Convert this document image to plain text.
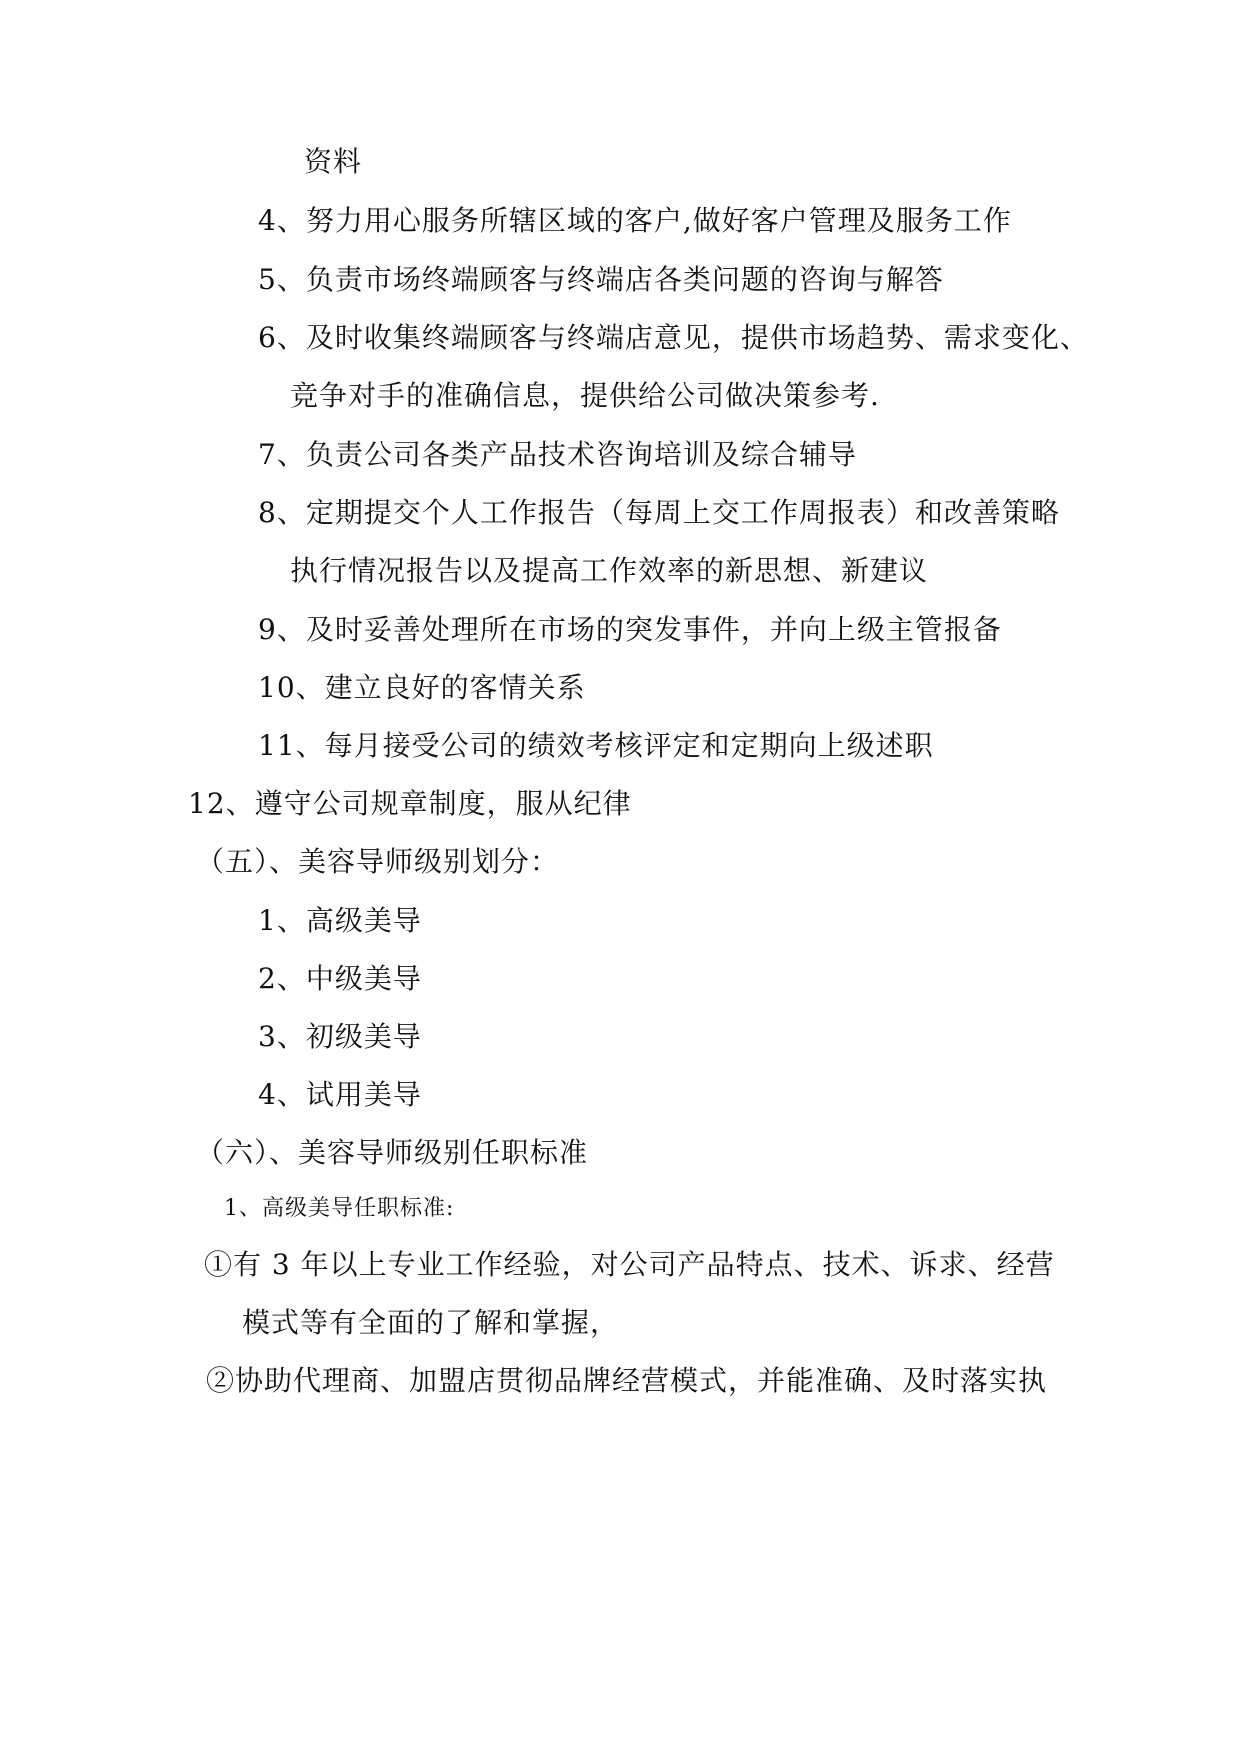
资料
4、努力用心服务所辖区域的客户,做好客户管理及服务工作
5、负责市场终端顾客与终端店各类问题的咨询与解答
6、及时收集终端顾客与终端店意见，提供市场趋势、需求变化、
竞争对手的准确信息，提供给公司做决策参考.
7、负责公司各类产品技术咨询培训及综合辅导
8、定期提交个人工作报告（每周上交工作周报表）和改善策略
执行情况报告以及提高工作效率的新思想、新建议
9、及时妥善处理所在市场的突发事件，并向上级主管报备
10、建立良好的客情关系
11、每月接受公司的绩效考核评定和定期向上级述职
12、遵守公司规章制度，服从纪律
（五）、美容导师级别划分：
1、高级美导
2、中级美导
3、初级美导
4、试用美导
（六）、美容导师级别任职标准
1、高级美导任职标准:
①有 3 年以上专业工作经验，对公司产品特点、技术、诉求、经营
模式等有全面的了解和掌握，
②协助代理商、加盟店贯彻品牌经营模式，并能准确、及时落实执
